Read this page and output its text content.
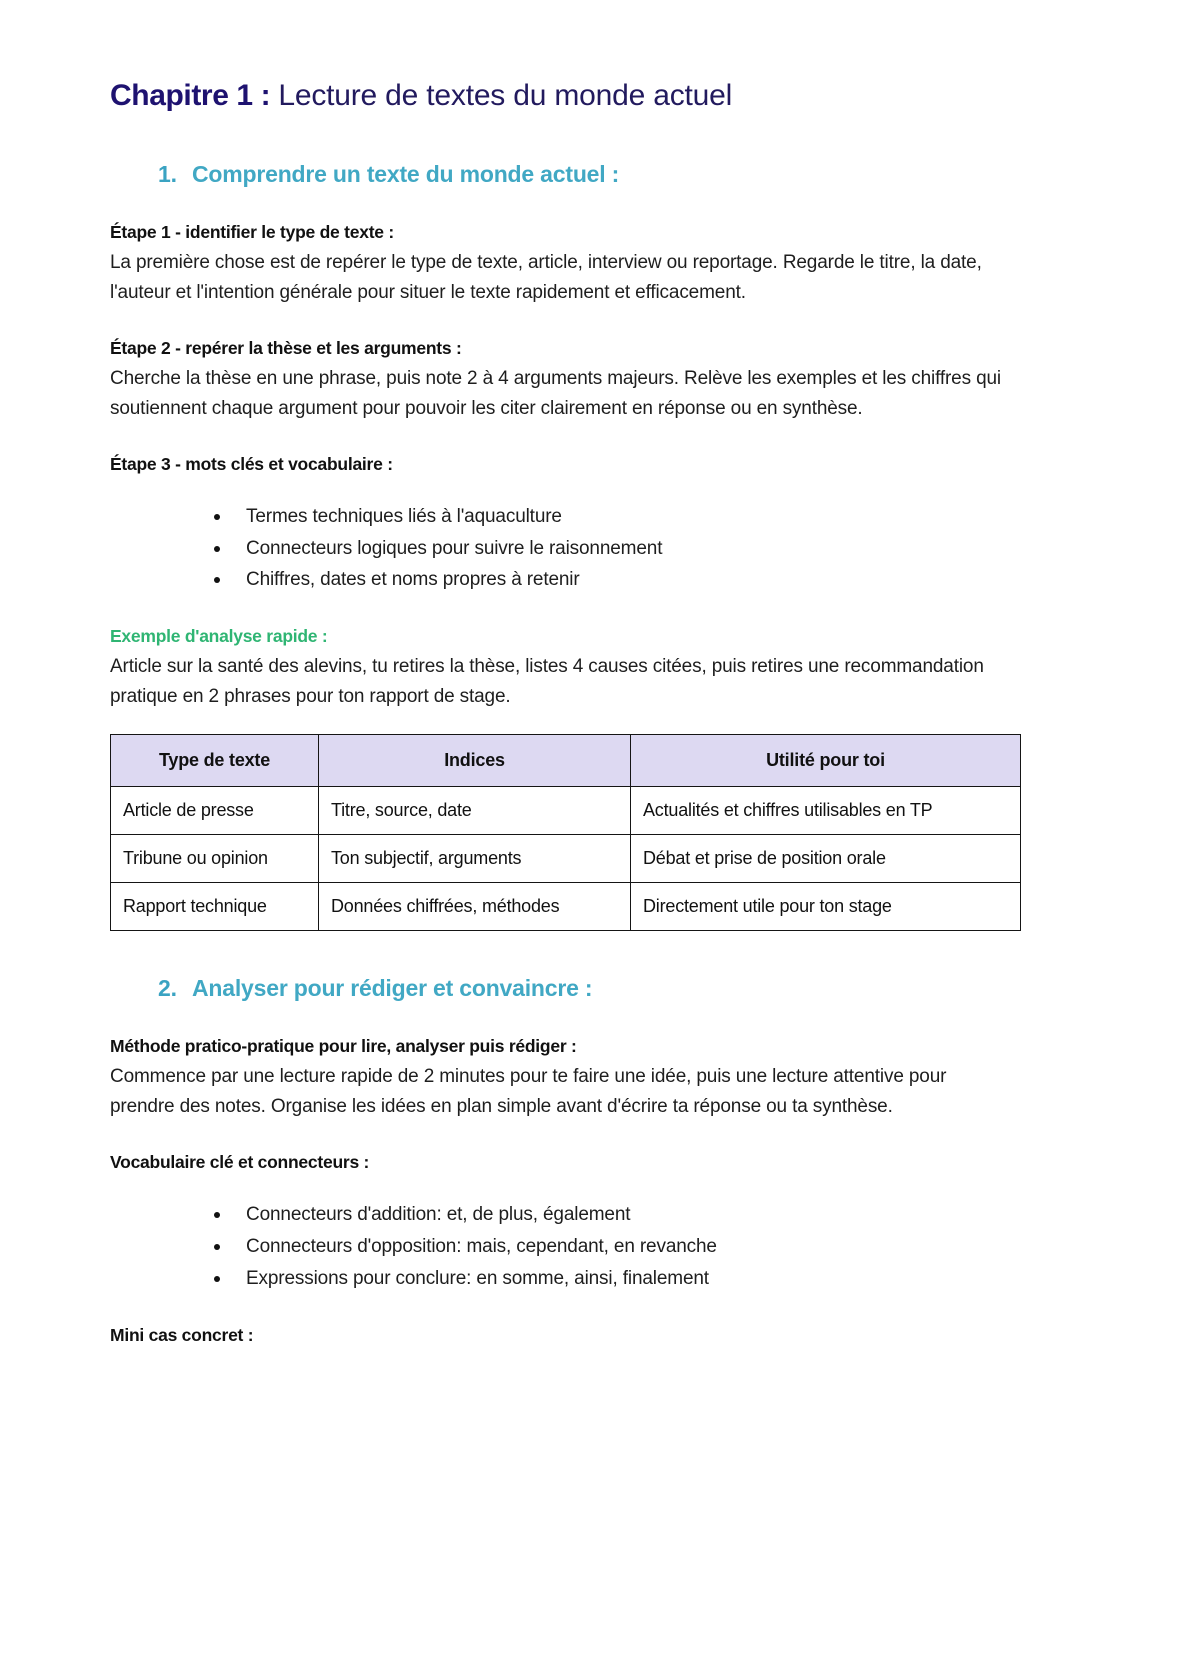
Chapitre 1 : Lecture de textes du monde actuel
1. Comprendre un texte du monde actuel :

Étape 1 - identifier le type de texte :

La première chose est de repérer le type de texte, article, interview ou reportage. Regarde le titre, la date, l'auteur et l'intention générale pour situer le texte rapidement et efficacement.

Étape 2 - repérer la thèse et les arguments :

Cherche la thèse en une phrase, puis note 2 à 4 arguments majeurs. Relève les exemples et les chiffres qui soutiennent chaque argument pour pouvoir les citer clairement en réponse ou en synthèse.

Étape 3 - mots clés et vocabulaire :

Termes techniques liés à l'aquaculture
Connecteurs logiques pour suivre le raisonnement
Chiffres, dates et noms propres à retenir

Exemple d'analyse rapide :

Article sur la santé des alevins, tu retires la thèse, listes 4 causes citées, puis retires une recommandation pratique en 2 phrases pour ton rapport de stage.

Type de texte	Indices	Utilité pour toi
Article de presse	Titre, source, date	Actualités et chiffres utilisables en TP
Tribune ou opinion	Ton subjectif, arguments	Débat et prise de position orale
Rapport technique	Données chiffrées, méthodes	Directement utile pour ton stage
2. Analyser pour rédiger et convaincre :

Méthode pratico-pratique pour lire, analyser puis rédiger :

Commence par une lecture rapide de 2 minutes pour te faire une idée, puis une lecture attentive pour prendre des notes. Organise les idées en plan simple avant d'écrire ta réponse ou ta synthèse.

Vocabulaire clé et connecteurs :

Connecteurs d'addition: et, de plus, également
Connecteurs d'opposition: mais, cependant, en revanche
Expressions pour conclure: en somme, ainsi, finalement

Mini cas concret :
